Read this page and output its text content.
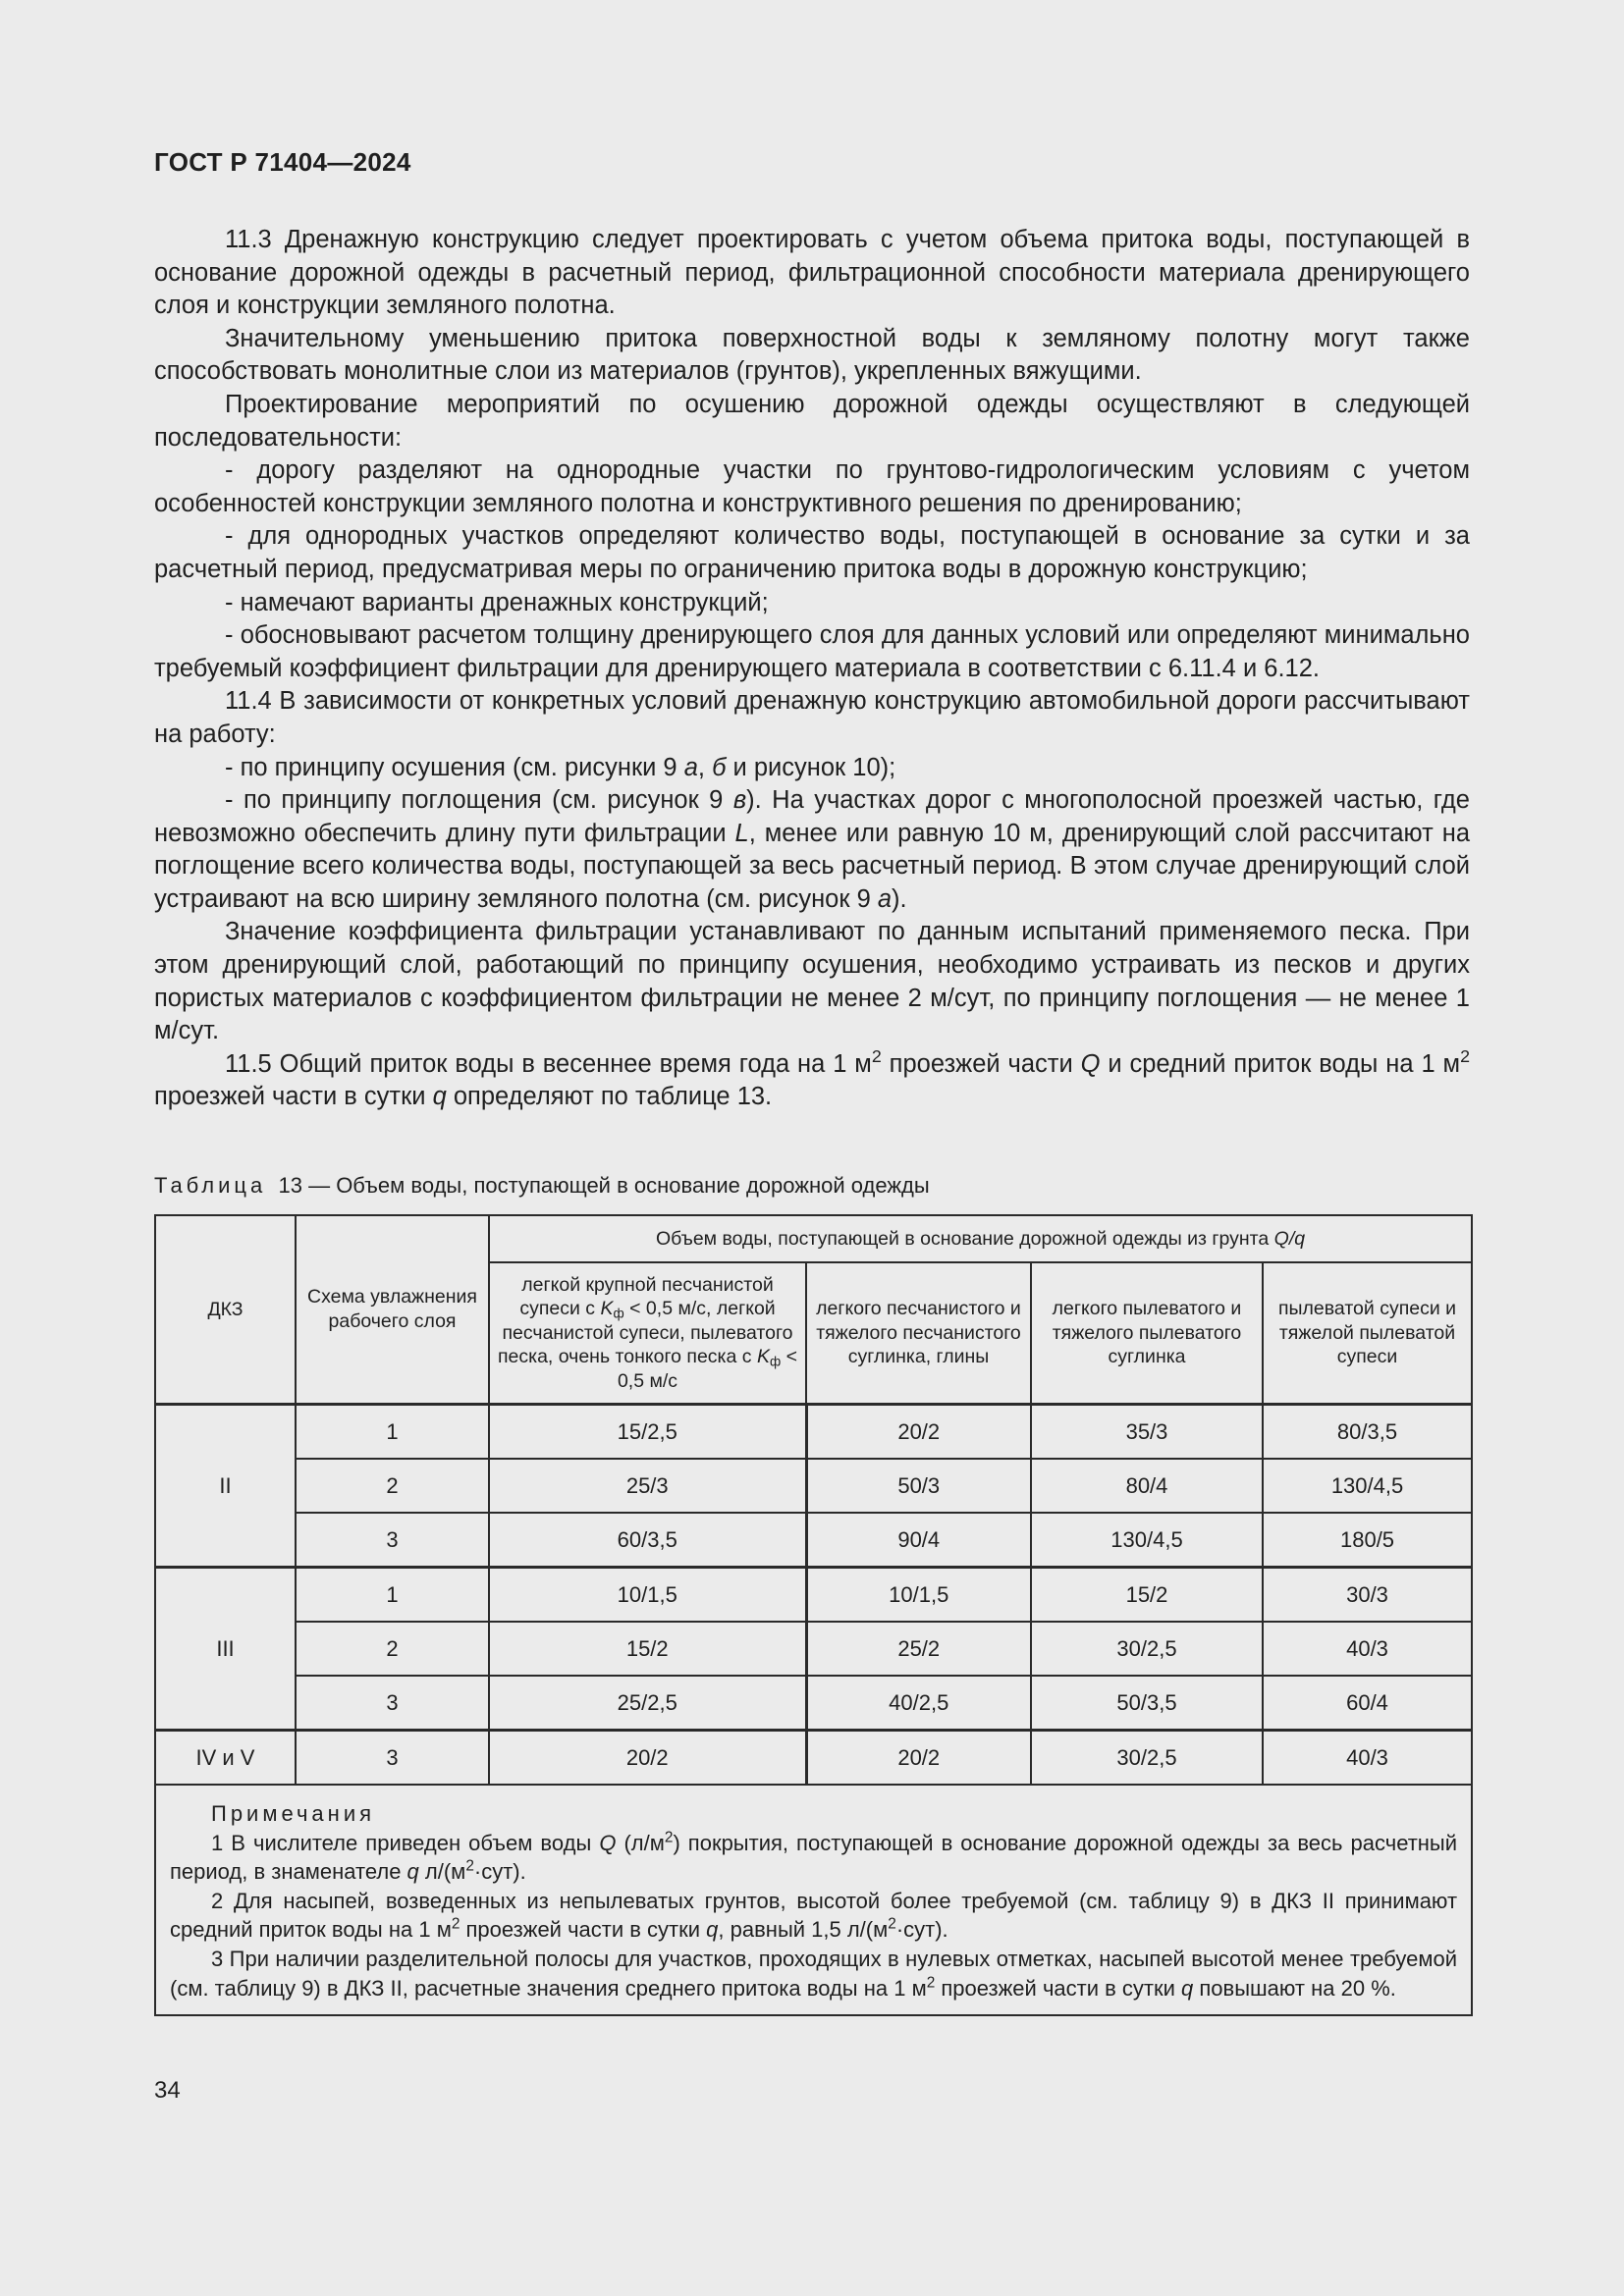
ГОСТ Р 71404—2024

11.3 Дренажную конструкцию следует проектировать с учетом объема притока воды, поступающей в основание дорожной одежды в расчетный период, фильтрационной способности материала дренирующего слоя и конструкции земляного полотна.

Значительному уменьшению притока поверхностной воды к земляному полотну могут также способствовать монолитные слои из материалов (грунтов), укрепленных вяжущими.

Проектирование мероприятий по осушению дорожной одежды осуществляют в следующей последовательности:

- дорогу разделяют на однородные участки по грунтово-гидрологическим условиям с учетом особенностей конструкции земляного полотна и конструктивного решения по дренированию;

- для однородных участков определяют количество воды, поступающей в основание за сутки и за расчетный период, предусматривая меры по ограничению притока воды в дорожную конструкцию;

- намечают варианты дренажных конструкций;

- обосновывают расчетом толщину дренирующего слоя для данных условий или определяют минимально требуемый коэффициент фильтрации для дренирующего материала в соответствии с 6.11.4 и 6.12.

11.4 В зависимости от конкретных условий дренажную конструкцию автомобильной дороги рассчитывают на работу:

- по принципу осушения (см. рисунки 9 а, б и рисунок 10);

- по принципу поглощения (см. рисунок 9 в). На участках дорог с многополосной проезжей частью, где невозможно обеспечить длину пути фильтрации L, менее или равную 10 м, дренирующий слой рассчитают на поглощение всего количества воды, поступающей за весь расчетный период. В этом случае дренирующий слой устраивают на всю ширину земляного полотна (см. рисунок 9 а).

Значение коэффициента фильтрации устанавливают по данным испытаний применяемого песка. При этом дренирующий слой, работающий по принципу осушения, необходимо устраивать из песков и других пористых материалов с коэффициентом фильтрации не менее 2 м/сут, по принципу поглощения — не менее 1 м/сут.

11.5 Общий приток воды в весеннее время года на 1 $м^2$ проезжей части Q и средний приток воды на 1 $м^2$ проезжей части в сутки q определяют по таблице 13.

Таблица 13 — Объем воды, поступающей в основание дорожной одежды
ДКЗ	Схема увлажнения рабочего слоя	Объем воды, поступающей в основание дорожной одежды из грунта Q/q			
		легкой крупной песчанистой супеси с $K_ф < 0,5$ м/с, легкой песчанистой супеси, пылеватого песка, очень тонкого песка с $K_ф < 0,5$ м/с	легкого песчанистого и тяжелого песчанистого суглинка, глины	легкого пылеватого и тяжелого пылеватого суглинка	пылеватой супеси и тяжелой пылеватой супеси
II	1	15/2,5	20/2	35/3	80/3,5
	2	25/3	50/3	80/4	130/4,5
	3	60/3,5	90/4	130/4,5	180/5
III	1	10/1,5	10/1,5	15/2	30/3
	2	15/2	25/2	30/2,5	40/3
	3	25/2,5	40/2,5	50/3,5	60/4
IV и V	3	20/2	20/2	30/2,5	40/3

Примечания

1 В числителе приведен объем воды Q $(л/м^2)$ покрытия, поступающей в основание дорожной одежды за весь расчетный период, в знаменателе q $л/(м^2\cdot сут)$.

2 Для насыпей, возведенных из непылеватых грунтов, высотой более требуемой (см. таблицу 9) в ДКЗ II принимают средний приток воды на 1 $м^2$ проезжей части в сутки q, равный 1,5 $л/(м^2\cdot сут)$.

3 При наличии разделительной полосы для участков, проходящих в нулевых отметках, насыпей высотой менее требуемой (см. таблицу 9) в ДКЗ II, расчетные значения среднего притока воды на 1 $м^2$ проезжей части в сутки q повышают на 20 %.					

34
